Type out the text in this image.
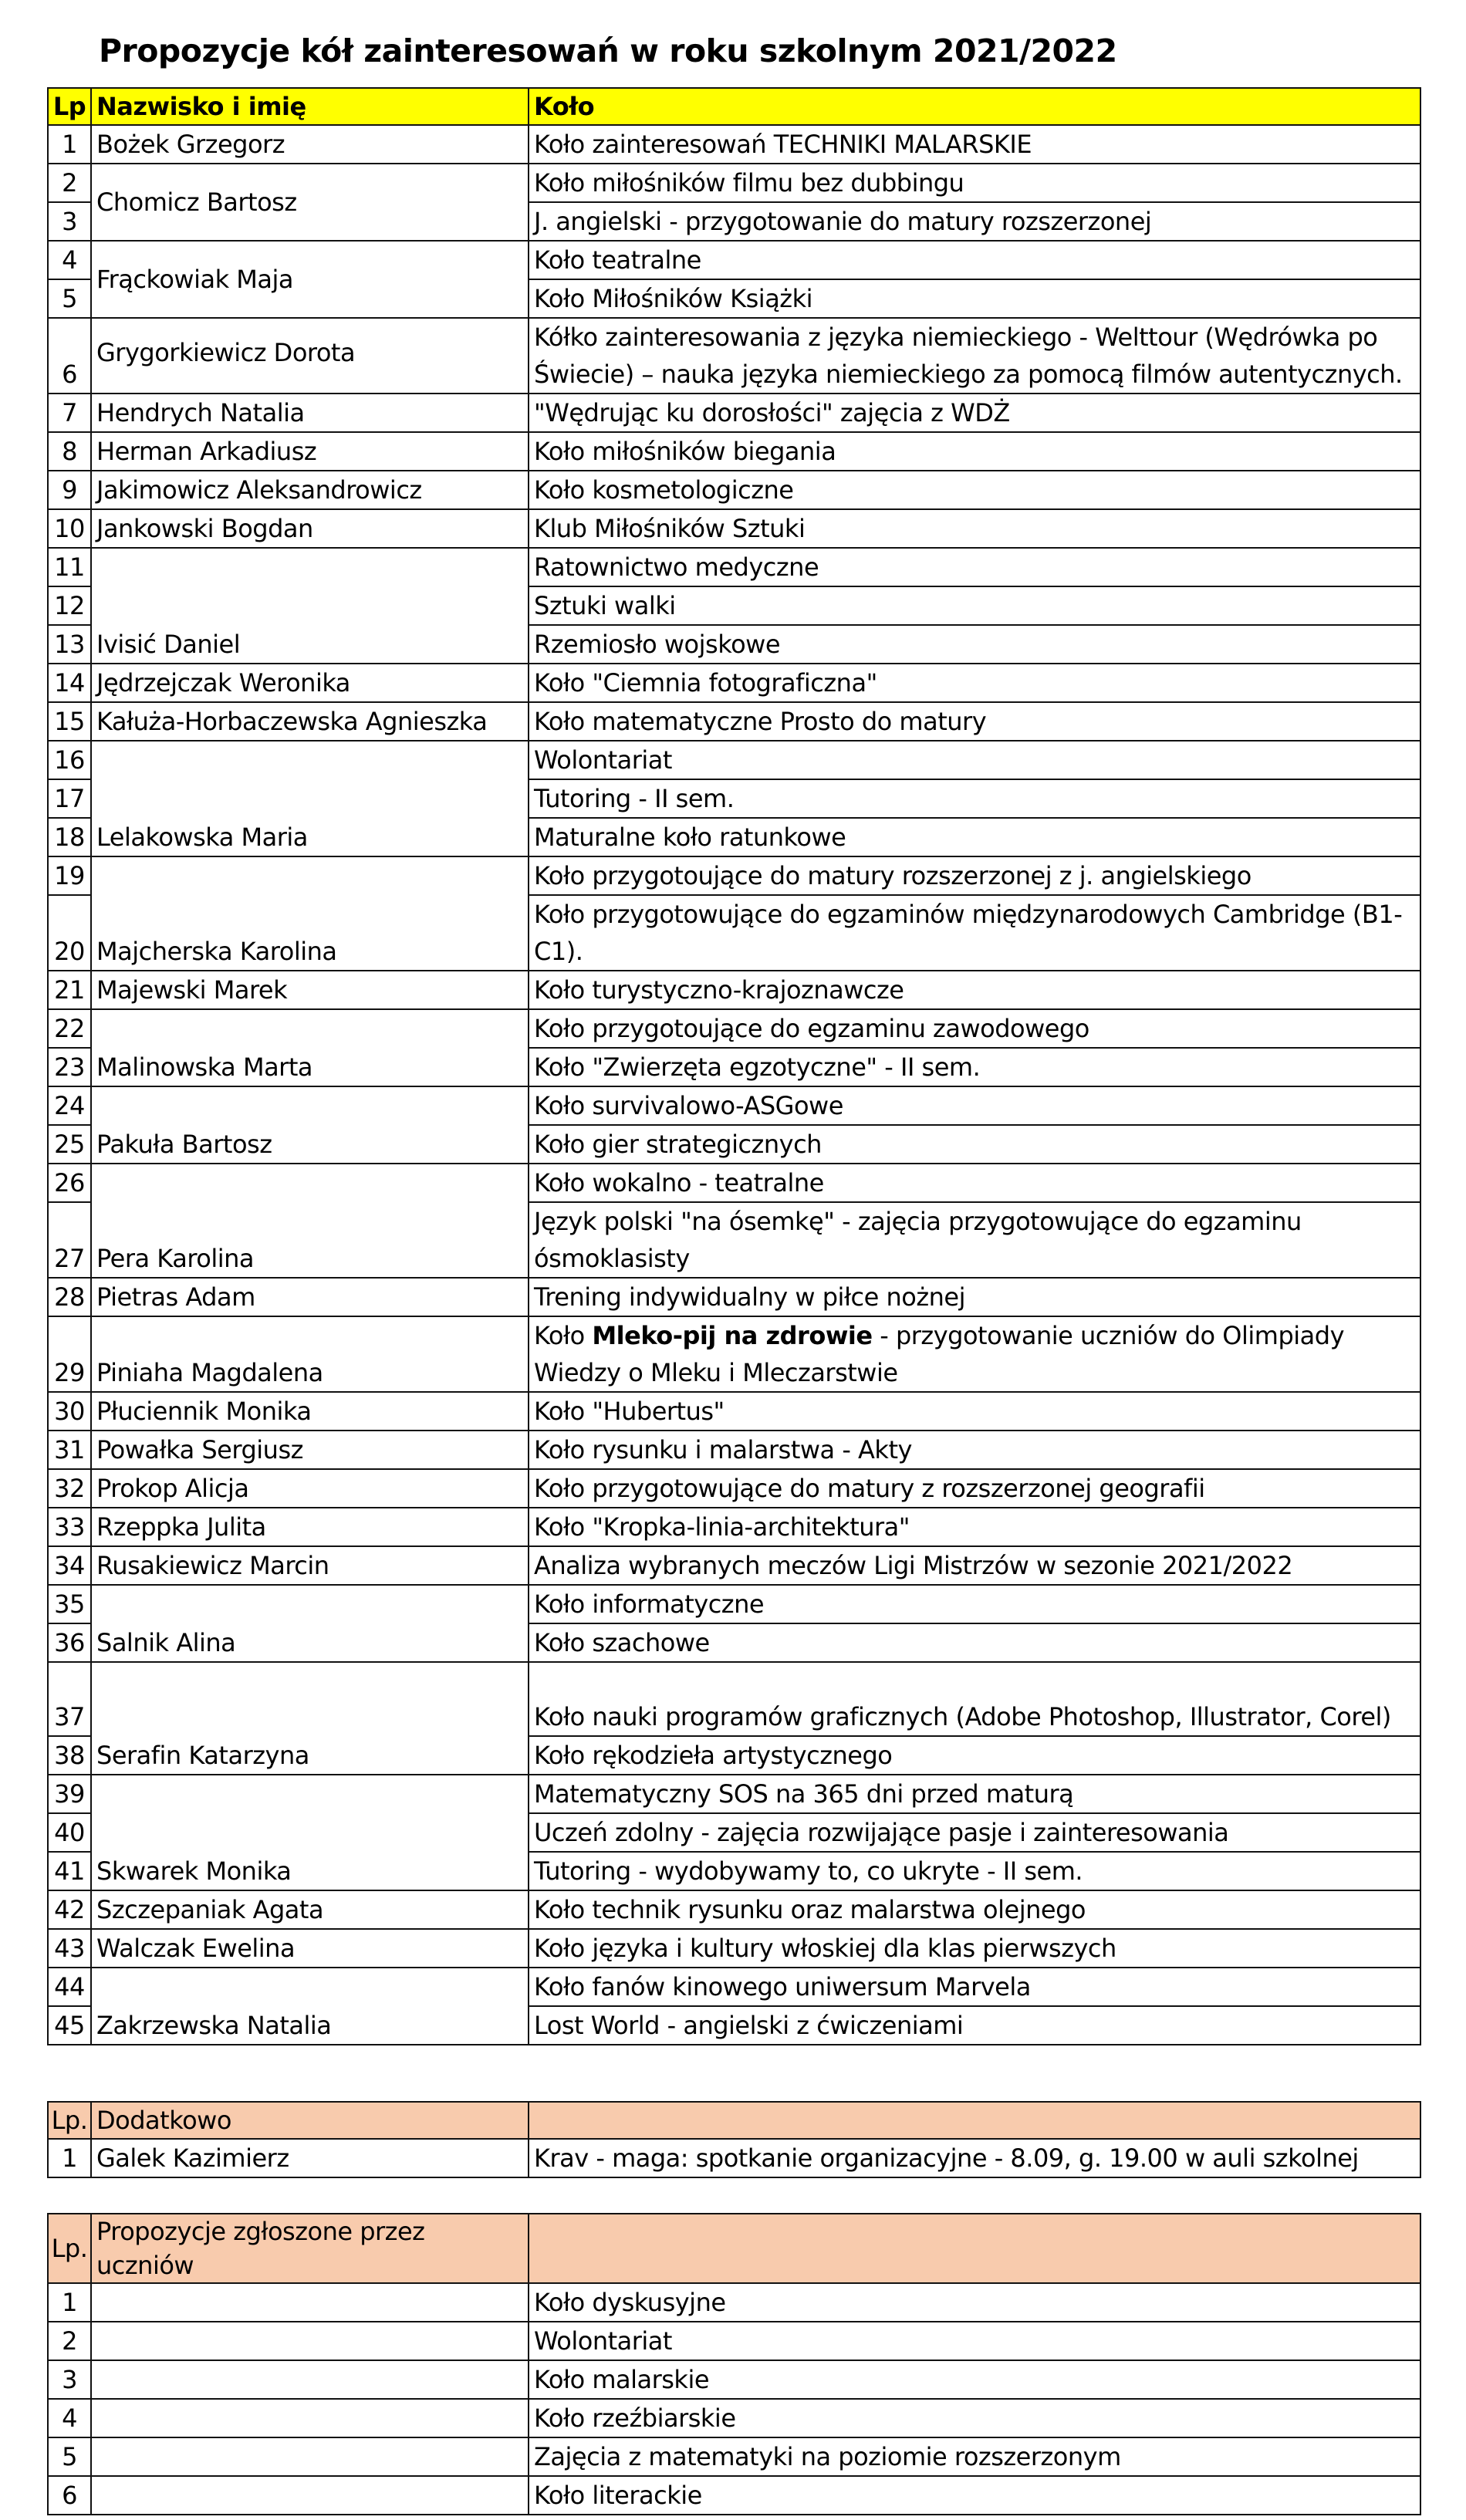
Propozycje kół zainteresowań w roku szkolnym 2021/2022
Lp	Nazwisko i imię	Koło
1	Bożek Grzegorz	Koło zainteresowań TECHNIKI MALARSKIE
2	Chomicz Bartosz	Koło miłośników filmu bez dubbingu
3		J. angielski - przygotowanie do matury rozszerzonej
4	Frąckowiak Maja	Koło teatralne
5		Koło Miłośników Książki
6	Grygorkiewicz Dorota	Kółko zainteresowania z języka niemieckiego - Welttour (Wędrówka po Świecie) – nauka języka niemieckiego za pomocą filmów autentycznych.
7	Hendrych Natalia	"Wędrując ku dorosłości" zajęcia z WDŻ
8	Herman Arkadiusz	Koło miłośników biegania
9	Jakimowicz Aleksandrowicz	Koło kosmetologiczne
10	Jankowski Bogdan	Klub Miłośników Sztuki
11	Ivisić Daniel	Ratownictwo medyczne
12		Sztuki walki
13		Rzemiosło wojskowe
14	Jędrzejczak Weronika	Koło "Ciemnia fotograficzna"
15	Kałuża-Horbaczewska Agnieszka	Koło matematyczne Prosto do matury
16	Lelakowska Maria	Wolontariat
17		Tutoring - II sem.
18		Maturalne koło ratunkowe
19	Majcherska Karolina	Koło przygotoujące do matury rozszerzonej z j. angielskiego
20		Koło przygotowujące do egzaminów międzynarodowych Cambridge (B1-C1).
21	Majewski Marek	Koło turystyczno-krajoznawcze
22	Malinowska Marta	Koło przygotoujące do egzaminu zawodowego
23		Koło "Zwierzęta egzotyczne" - II sem.
24	Pakuła Bartosz	Koło survivalowo-ASGowe
25		Koło gier strategicznych
26	Pera Karolina	Koło wokalno - teatralne
27		Język polski "na ósemkę" - zajęcia przygotowujące do egzaminu ósmoklasisty
28	Pietras Adam	Trening indywidualny w piłce nożnej
29	Piniaha Magdalena	Koło Mleko-pij na zdrowie - przygotowanie uczniów do Olimpiady Wiedzy o Mleku i Mleczarstwie
30	Płuciennik Monika	Koło "Hubertus"
31	Powałka Sergiusz	Koło rysunku i malarstwa - Akty
32	Prokop Alicja	Koło przygotowujące do matury z rozszerzonej geografii
33	Rzeppka Julita	Koło "Kropka-linia-architektura"
34	Rusakiewicz Marcin	Analiza wybranych meczów Ligi Mistrzów w sezonie 2021/2022
35	Salnik Alina	Koło informatyczne
36		Koło szachowe
37	Serafin Katarzyna	Koło nauki programów graficznych (Adobe Photoshop, Illustrator, Corel)
38		Koło rękodzieła artystycznego
39	Skwarek Monika	Matematyczny SOS na 365 dni przed maturą
40		Uczeń zdolny - zajęcia rozwijające pasje i zainteresowania
41		Tutoring - wydobywamy to, co ukryte - II sem.
42	Szczepaniak Agata	Koło technik rysunku oraz malarstwa olejnego
43	Walczak Ewelina	Koło języka i kultury włoskiej dla klas pierwszych
44	Zakrzewska Natalia	Koło fanów kinowego uniwersum Marvela
45		Lost World - angielski z ćwiczeniami
Lp.	Dodatkowo	
1	Galek Kazimierz	Krav - maga: spotkanie organizacyjne - 8.09, g. 19.00 w auli szkolnej
Lp.	Propozycje zgłoszone przez uczniów	
1		Koło dyskusyjne
2		Wolontariat
3		Koło malarskie
4		Koło rzeźbiarskie
5		Zajęcia z matematyki na poziomie rozszerzonym
6		Koło literackie
